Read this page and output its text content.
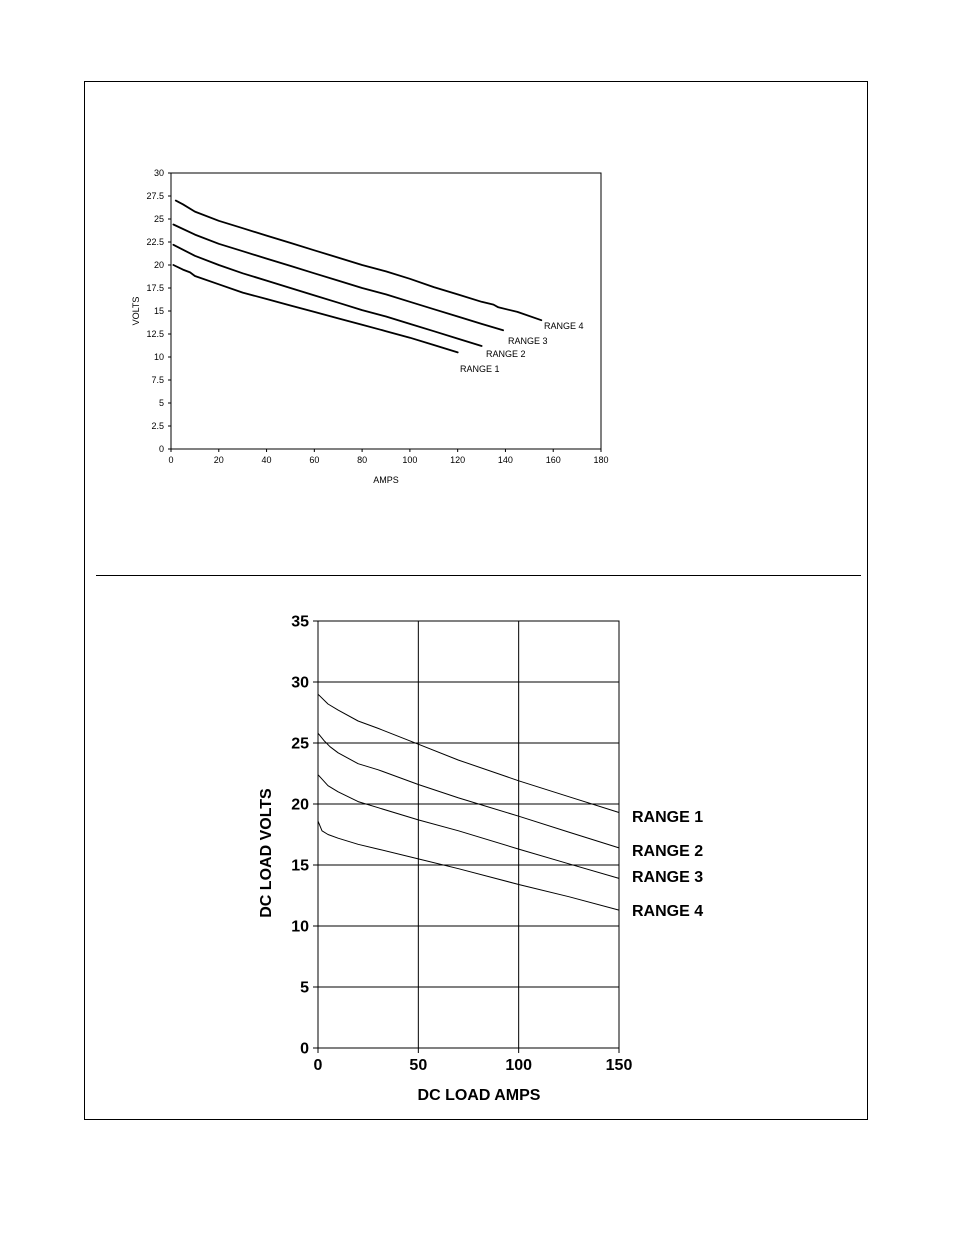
0
2.5
5
7.5
10
12.5
15
17.5
20
22.5
25
27.5
30
0	20	40	60	80	100	120	140	160	180
AMPS
VOLTS
RANGE 1
RANGE 2
RANGE 3
RANGE 4
0
5
10
15
20
25
30
35
0	50	100	150
DC LOAD AMPS
DC LOAD VOLTS	RANGE 1
RANGE 2
RANGE 3
RANGE 4
